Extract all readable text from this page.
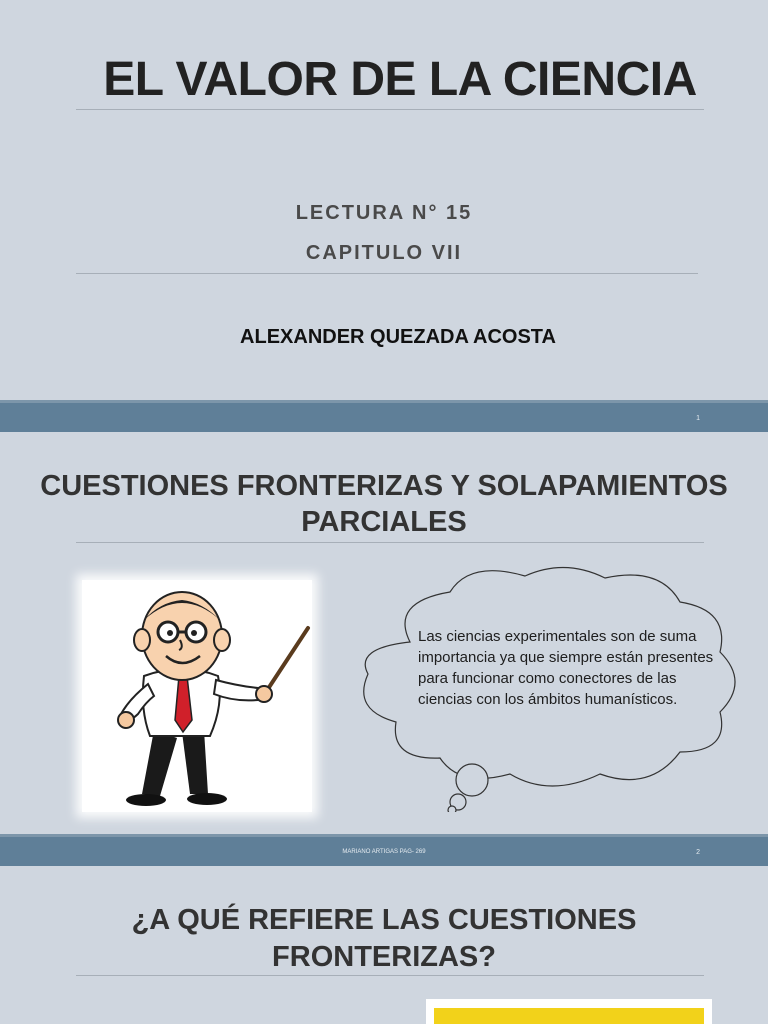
EL VALOR DE LA CIENCIA
LECTURA N° 15
CAPITULO VII
ALEXANDER QUEZADA ACOSTA
1
CUESTIONES FRONTERIZAS Y SOLAPAMIENTOS PARCIALES
Las ciencias experimentales son de suma importancia ya que siempre están presentes para funcionar como conectores de las ciencias con los ámbitos humanísticos.
MARIANO ARTIGAS PAG- 269	2
¿A QUÉ REFIERE LAS CUESTIONES FRONTERIZAS?
